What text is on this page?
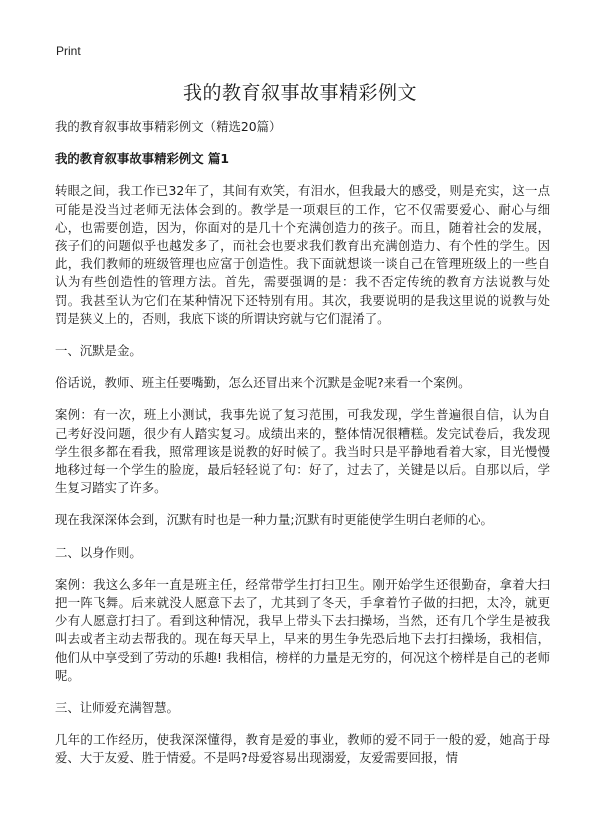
Print

我的教育叙事故事精彩例文

我的教育叙事故事精彩例文（精选20篇）

我的教育叙事故事精彩例文 篇1

转眼之间，我工作已32年了，其间有欢笑，有泪水，但我最大的感受，则是充实，这一点可能是没当过老师无法体会到的。教学是一项艰巨的工作，它不仅需要爱心、耐心与细心，也需要创造，因为，你面对的是几十个充满创造力的孩子。而且，随着社会的发展，孩子们的问题似乎也越发多了，而社会也要求我们教育出充满创造力、有个性的学生。因此，我们教师的班级管理也应富于创造性。我下面就想谈一谈自己在管理班级上的一些自认为有些创造性的管理方法。首先，需要强调的是：我不否定传统的教育方法说教与处罚。我甚至认为它们在某种情况下还特别有用。其次，我要说明的是我这里说的说教与处罚是狭义上的，否则，我底下谈的所谓诀窍就与它们混淆了。

一、沉默是金。

俗话说，教师、班主任要嘴勤，怎么还冒出来个沉默是金呢?来看一个案例。

案例：有一次，班上小测试，我事先说了复习范围，可我发现，学生普遍很自信，认为自己考好没问题，很少有人踏实复习。成绩出来的，整体情况很糟糕。发完试卷后，我发现学生很多都在看我，照常理该是说教的好时候了。我当时只是平静地看着大家，目光慢慢地移过每一个学生的脸庞，最后轻轻说了句：好了，过去了，关键是以后。自那以后，学生复习踏实了许多。

现在我深深体会到，沉默有时也是一种力量;沉默有时更能使学生明白老师的心。

二、以身作则。

案例：我这么多年一直是班主任，经常带学生打扫卫生。刚开始学生还很勤奋，拿着大扫把一阵飞舞。后来就没人愿意下去了，尤其到了冬天，手拿着竹子做的扫把，太冷，就更少有人愿意打扫了。看到这种情况，我早上带头下去扫操场，当然，还有几个学生是被我叫去或者主动去帮我的。现在每天早上，早来的男生争先恐后地下去打扫操场，我相信，他们从中享受到了劳动的乐趣! 我相信，榜样的力量是无穷的，何况这个榜样是自己的老师呢。

三、让师爱充满智慧。

几年的工作经历，使我深深懂得，教育是爱的事业，教师的爱不同于一般的爱，她高于母爱、大于友爱、胜于情爱。不是吗?母爱容易出现溺爱，友爱需要回报，情
